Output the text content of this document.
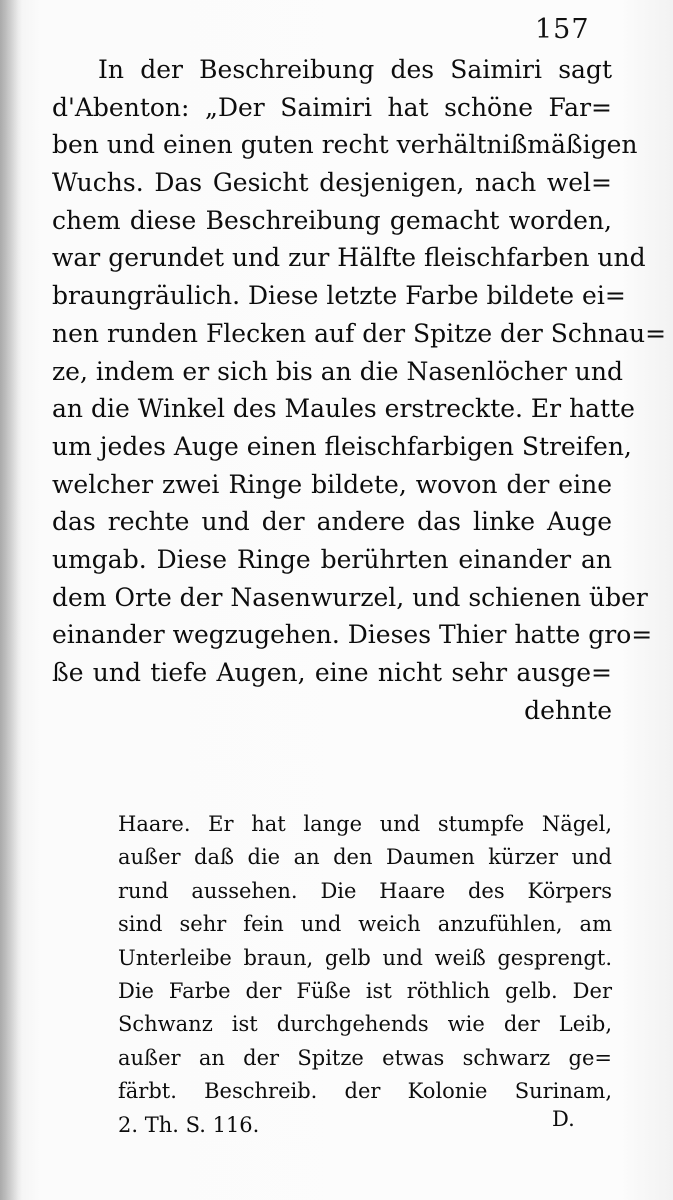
157
In der Beschreibung des Saimiri sagt
d'Abenton: „Der Saimiri hat schöne Far=
ben und einen guten recht verhältnißmäßigen
Wuchs. Das Gesicht desjenigen, nach wel=
chem diese Beschreibung gemacht worden,
war gerundet und zur Hälfte fleischfarben und
braungräulich. Diese letzte Farbe bildete ei=
nen runden Flecken auf der Spitze der Schnau=
ze, indem er sich bis an die Nasenlöcher und
an die Winkel des Maules erstreckte. Er hatte
um jedes Auge einen fleischfarbigen Streifen,
welcher zwei Ringe bildete, wovon der eine
das rechte und der andere das linke Auge
umgab. Diese Ringe berührten einander an
dem Orte der Nasenwurzel, und schienen über
einander wegzugehen. Dieses Thier hatte gro=
ße und tiefe Augen, eine nicht sehr ausge=
dehnte
Haare. Er hat lange und stumpfe Nägel,
außer daß die an den Daumen kürzer und
rund aussehen. Die Haare des Körpers
sind sehr fein und weich anzufühlen, am
Unterleibe braun, gelb und weiß gesprengt.
Die Farbe der Füße ist röthlich gelb. Der
Schwanz ist durchgehends wie der Leib,
außer an der Spitze etwas schwarz ge=
färbt. Beschreib. der Kolonie Surinam,
2. Th. S. 116.	D.
